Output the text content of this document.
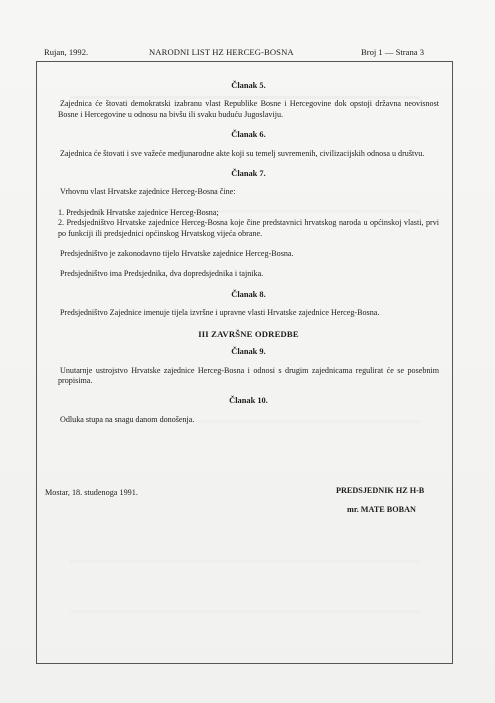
Rujan, 1992.	NARODNI LIST HZ HERCEG-BOSNA	Broj 1 — Strana 3
Članak 5.
Zajednica će štovati demokratski izabranu vlast Republike Bosne i Hercegovine dok opstoji državna neovisnost Bosne i Hercegovine u odnosu na bivšu ili svaku buduću Jugoslaviju.
Članak 6.
Zajednica će štovati i sve važeće medjunarodne akte koji su temelj suvremenih, civilizacijskih odnosa u društvu.
Članak 7.
Vrhovnu vlast Hrvatske zajednice Herceg-Bosna čine:
1. Predsjednik Hrvatske zajednice Herceg-Bosna;
2. Predsjedništvo Hrvatske zajednice Herceg-Bosna koje čine predstavnici hrvatskog naroda u općinskoj vlasti, prvi po funkciji ili predsjednici općinskog Hrvatskog vijeća obrane.
Predsjedništvo je zakonodavno tijelo Hrvatske zajednice Herceg-Bosna.
Predsjedništvo ima Predsjednika, dva dopredsjednika i tajnika.
Članak 8.
Predsjedništvo Zajednice imenuje tijela izvršne i upravne vlasti Hrvatske zajednice Herceg-Bosna.
III ZAVRŠNE ODREDBE
Članak 9.
Unutarnje ustrojstvo Hrvatske zajednice Herceg-Bosna i odnosi s drugim zajednicama regulirat će se posebnim propisima.
Članak 10.
Odluka stupa na snagu danom donošenja.
Mostar, 18. studenoga 1991.	PREDSJEDNIK HZ H-B
mr. MATE BOBAN
